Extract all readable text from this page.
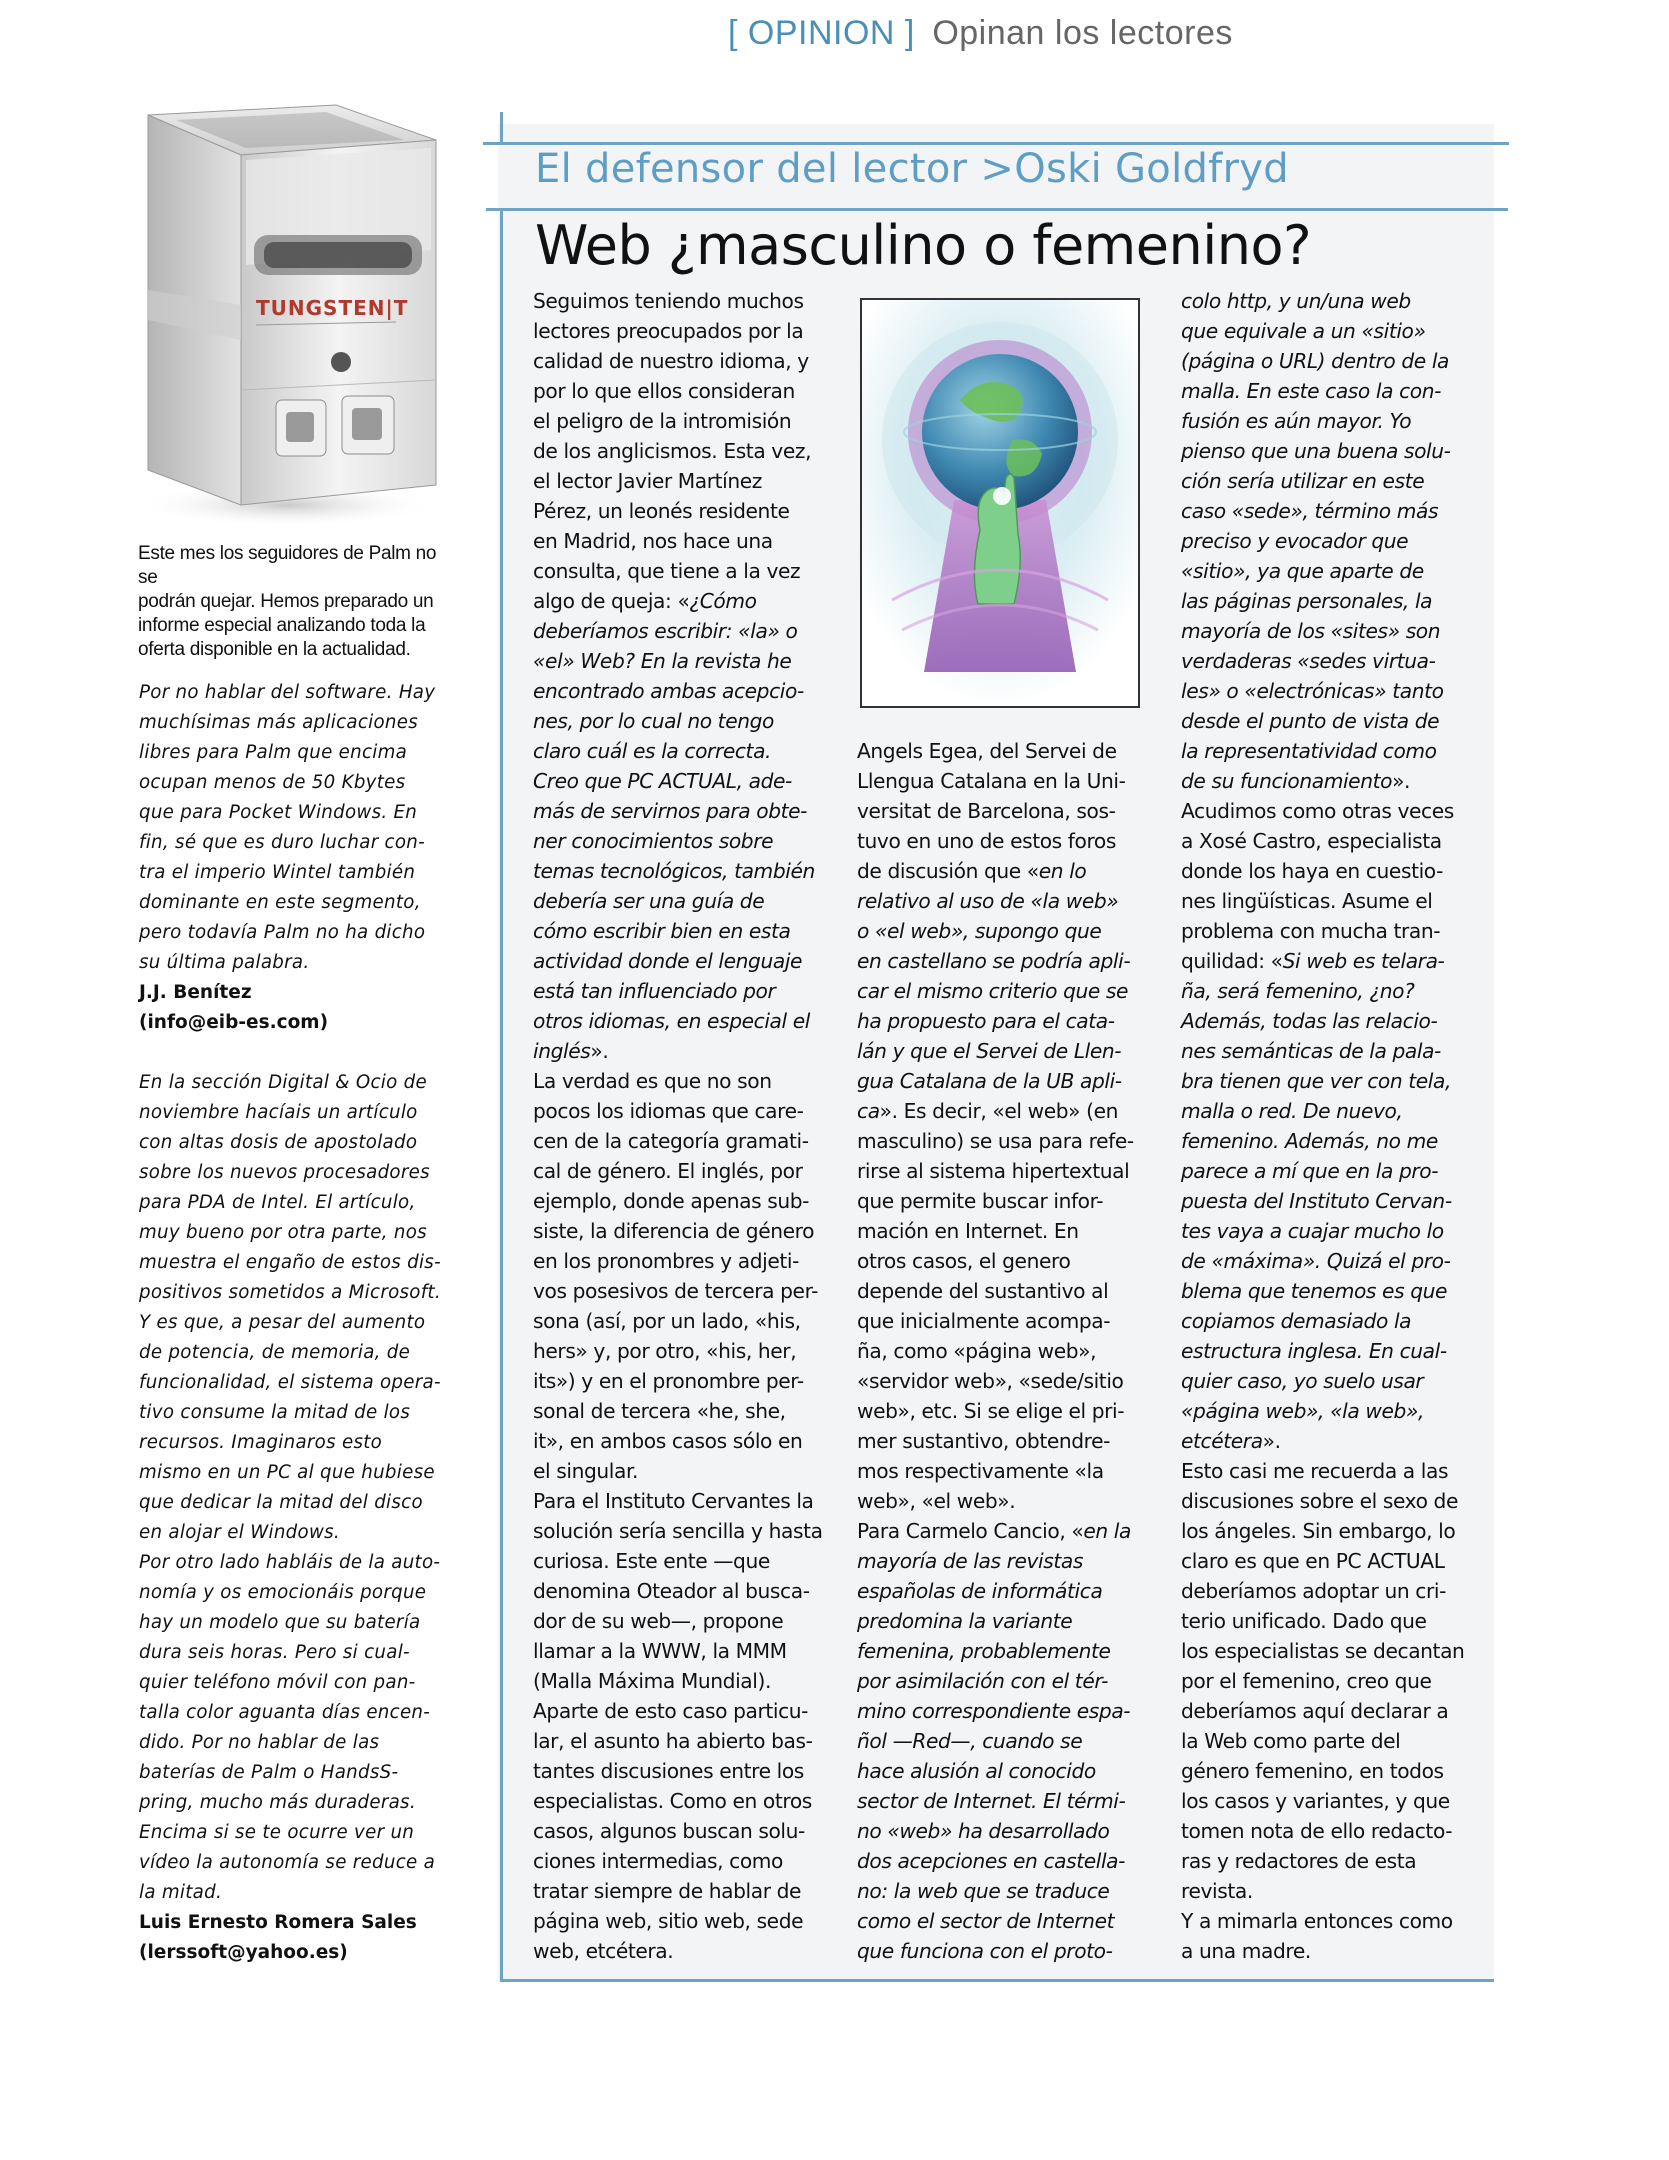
[ OPINION ] Opinan los lectores
TUNGSTEN|T

Este mes los seguidores de Palm no se

podrán quejar. Hemos preparado un

informe especial analizando toda la

oferta disponible en la actualidad.

Por no hablar del software. Hay

muchísimas más aplicaciones

libres para Palm que encima

ocupan menos de 50 Kbytes

que para Pocket Windows. En

fin, sé que es duro luchar con-

tra el imperio Wintel también

dominante en este segmento,

pero todavía Palm no ha dicho

su última palabra.

J.J. Benítez

(info@eib-es.com)

En la sección Digital & Ocio de

noviembre hacíais un artículo

con altas dosis de apostolado

sobre los nuevos procesadores

para PDA de Intel. El artículo,

muy bueno por otra parte, nos

muestra el engaño de estos dis-

positivos sometidos a Microsoft.

Y es que, a pesar del aumento

de potencia, de memoria, de

funcionalidad, el sistema opera-

tivo consume la mitad de los

recursos. Imaginaros esto

mismo en un PC al que hubiese

que dedicar la mitad del disco

en alojar el Windows.

Por otro lado habláis de la auto-

nomía y os emocionáis porque

hay un modelo que su batería

dura seis horas. Pero si cual-

quier teléfono móvil con pan-

talla color aguanta días encen-

dido. Por no hablar de las

baterías de Palm o HandsS-

pring, mucho más duraderas.

Encima si se te ocurre ver un

vídeo la autonomía se reduce a

la mitad.

Luis Ernesto Romera Sales

(lerssoft@yahoo.es)

El defensor del lector >Oski Goldfryd
Web ¿masculino o femenino?

Seguimos teniendo muchos

lectores preocupados por la

calidad de nuestro idioma, y

por lo que ellos consideran

el peligro de la intromisión

de los anglicismos. Esta vez,

el lector Javier Martínez

Pérez, un leonés residente

en Madrid, nos hace una

consulta, que tiene a la vez

algo de queja: «¿Cómo

deberíamos escribir: «la» o

«el» Web? En la revista he

encontrado ambas acepcio-

nes, por lo cual no tengo

claro cuál es la correcta.

Creo que PC ACTUAL, ade-

más de servirnos para obte-

ner conocimientos sobre

temas tecnológicos, también

debería ser una guía de

cómo escribir bien en esta

actividad donde el lenguaje

está tan influenciado por

otros idiomas, en especial el

inglés».

La verdad es que no son

pocos los idiomas que care-

cen de la categoría gramati-

cal de género. El inglés, por

ejemplo, donde apenas sub-

siste, la diferencia de género

en los pronombres y adjeti-

vos posesivos de tercera per-

sona (así, por un lado, «his,

hers» y, por otro, «his, her,

its») y en el pronombre per-

sonal de tercera «he, she,

it», en ambos casos sólo en

el singular.

Para el Instituto Cervantes la

solución sería sencilla y hasta

curiosa. Este ente —que

denomina Oteador al busca-

dor de su web—, propone

llamar a la WWW, la MMM

(Malla Máxima Mundial).

Aparte de esto caso particu-

lar, el asunto ha abierto bas-

tantes discusiones entre los

especialistas. Como en otros

casos, algunos buscan solu-

ciones intermedias, como

tratar siempre de hablar de

página web, sitio web, sede

web, etcétera.

Angels Egea, del Servei de

Llengua Catalana en la Uni-

versitat de Barcelona, sos-

tuvo en uno de estos foros

de discusión que «en lo

relativo al uso de «la web»

o «el web», supongo que

en castellano se podría apli-

car el mismo criterio que se

ha propuesto para el cata-

lán y que el Servei de Llen-

gua Catalana de la UB apli-

ca». Es decir, «el web» (en

masculino) se usa para refe-

rirse al sistema hipertextual

que permite buscar infor-

mación en Internet. En

otros casos, el genero

depende del sustantivo al

que inicialmente acompa-

ña, como «página web»,

«servidor web», «sede/sitio

web», etc. Si se elige el pri-

mer sustantivo, obtendre-

mos respectivamente «la

web», «el web».

Para Carmelo Cancio, «en la

mayoría de las revistas

españolas de informática

predomina la variante

femenina, probablemente

por asimilación con el tér-

mino correspondiente espa-

ñol —Red—, cuando se

hace alusión al conocido

sector de Internet. El térmi-

no «web» ha desarrollado

dos acepciones en castella-

no: la web que se traduce

como el sector de Internet

que funciona con el proto-

colo http, y un/una web

que equivale a un «sitio»

(página o URL) dentro de la

malla. En este caso la con-

fusión es aún mayor. Yo

pienso que una buena solu-

ción sería utilizar en este

caso «sede», término más

preciso y evocador que

«sitio», ya que aparte de

las páginas personales, la

mayoría de los «sites» son

verdaderas «sedes virtua-

les» o «electrónicas» tanto

desde el punto de vista de

la representatividad como

de su funcionamiento».

Acudimos como otras veces

a Xosé Castro, especialista

donde los haya en cuestio-

nes lingüísticas. Asume el

problema con mucha tran-

quilidad: «Si web es telara-

ña, será femenino, ¿no?

Además, todas las relacio-

nes semánticas de la pala-

bra tienen que ver con tela,

malla o red. De nuevo,

femenino. Además, no me

parece a mí que en la pro-

puesta del Instituto Cervan-

tes vaya a cuajar mucho lo

de «máxima». Quizá el pro-

blema que tenemos es que

copiamos demasiado la

estructura inglesa. En cual-

quier caso, yo suelo usar

«página web», «la web»,

etcétera».

Esto casi me recuerda a las

discusiones sobre el sexo de

los ángeles. Sin embargo, lo

claro es que en PC ACTUAL

deberíamos adoptar un cri-

terio unificado. Dado que

los especialistas se decantan

por el femenino, creo que

deberíamos aquí declarar a

la Web como parte del

género femenino, en todos

los casos y variantes, y que

tomen nota de ello redacto-

ras y redactores de esta

revista.

Y a mimarla entonces como

a una madre.
